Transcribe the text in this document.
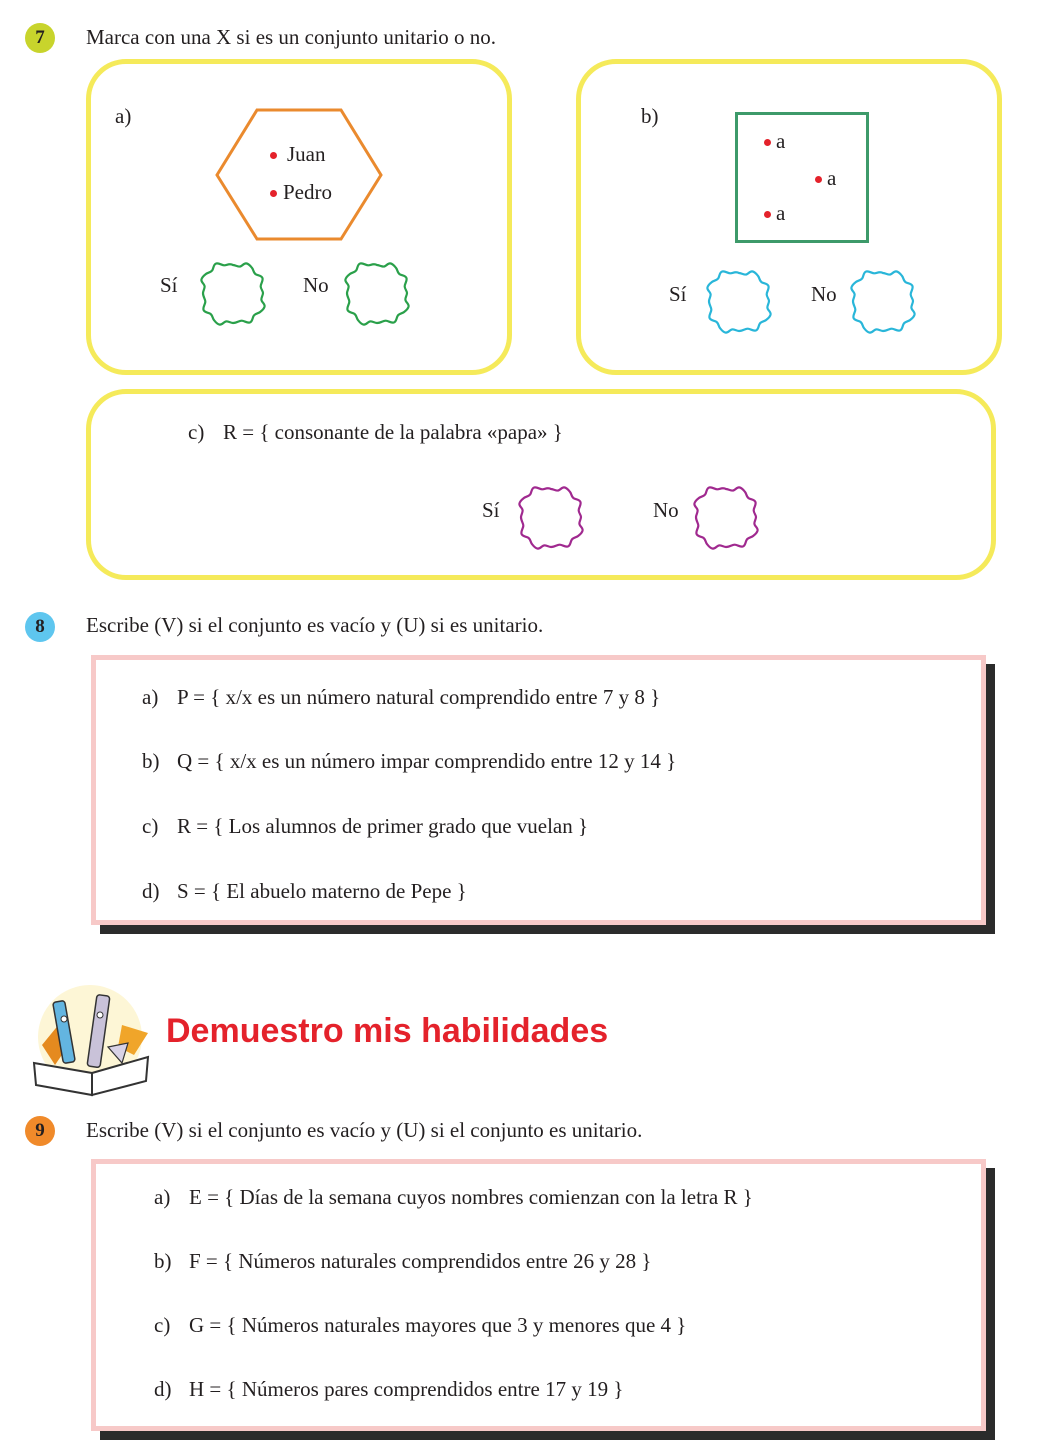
7	Marca con una X si es un conjunto unitario o no.
a)
Juan
Pedro
Sí	No
b)
a
a
a
Sí	No
c) R = { consonante de la palabra «papa» }
Sí	No
8	Escribe (V) si el conjunto es vacío y (U) si es unitario.
a) P = { x/x es un número natural comprendido entre 7 y 8 }
b) Q = { x/x es un número impar comprendido entre 12 y 14 }
c) R = { Los alumnos de primer grado que vuelan }
d) S = { El abuelo materno de Pepe }
Demuestro mis habilidades
9	Escribe (V) si el conjunto es vacío y (U) si el conjunto es unitario.
a) E = { Días de la semana cuyos nombres comienzan con la letra R }
b) F = { Números naturales comprendidos entre 26 y 28 }
c) G = { Números naturales mayores que 3 y menores que 4 }
d) H = { Números pares comprendidos entre 17 y 19 }
